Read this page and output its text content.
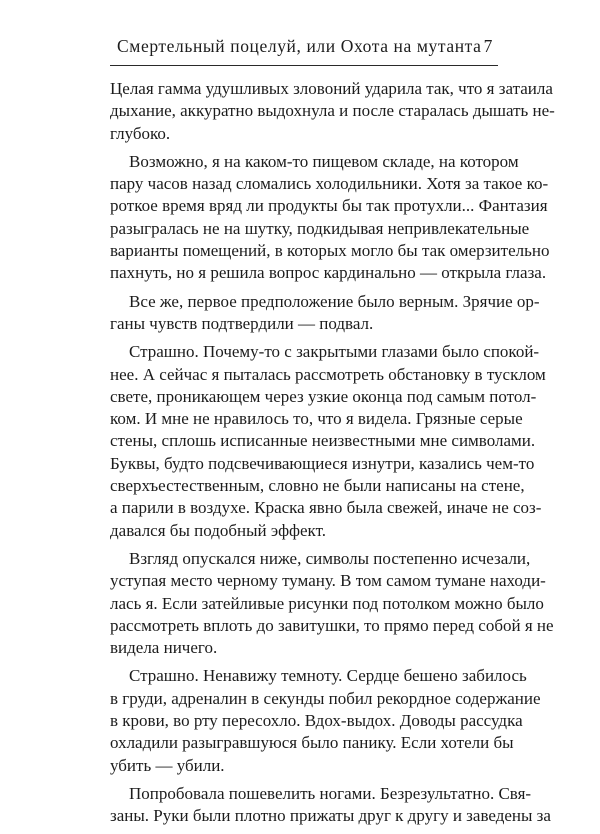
Смертельный поцелуй, или Охота на мутанта 7

Целая гамма удушливых зловоний ударила так, что я затаила
дыхание, аккуратно выдохнула и после старалась дышать не-
глубоко.

Возможно, я на каком-то пищевом складе, на котором
пару часов назад сломались холодильники. Хотя за такое ко-
роткое время вряд ли продукты бы так протухли... Фантазия
разыгралась не на шутку, подкидывая непривлекательные
варианты помещений, в которых могло бы так омерзительно
пахнуть, но я решила вопрос кардинально — открыла глаза.

Все же, первое предположение было верным. Зрячие ор-
ганы чувств подтвердили — подвал.

Страшно. Почему-то с закрытыми глазами было спокой-
нее. А сейчас я пыталась рассмотреть обстановку в тусклом
свете, проникающем через узкие оконца под самым потол-
ком. И мне не нравилось то, что я видела. Грязные серые
стены, сплошь исписанные неизвестными мне символами.
Буквы, будто подсвечивающиеся изнутри, казались чем-то
сверхъестественным, словно не были написаны на стене,
а парили в воздухе. Краска явно была свежей, иначе не соз-
давался бы подобный эффект.

Взгляд опускался ниже, символы постепенно исчезали,
уступая место черному туману. В том самом тумане находи-
лась я. Если затейливые рисунки под потолком можно было
рассмотреть вплоть до завитушки, то прямо перед собой я не
видела ничего.

Страшно. Ненавижу темноту. Сердце бешено забилось
в груди, адреналин в секунды побил рекордное содержание
в крови, во рту пересохло. Вдох-выдох. Доводы рассудка
охладили разыгравшуюся было панику. Если хотели бы
убить — убили.

Попробовала пошевелить ногами. Безрезультатно. Свя-
заны. Руки были плотно прижаты друг к другу и заведены за
